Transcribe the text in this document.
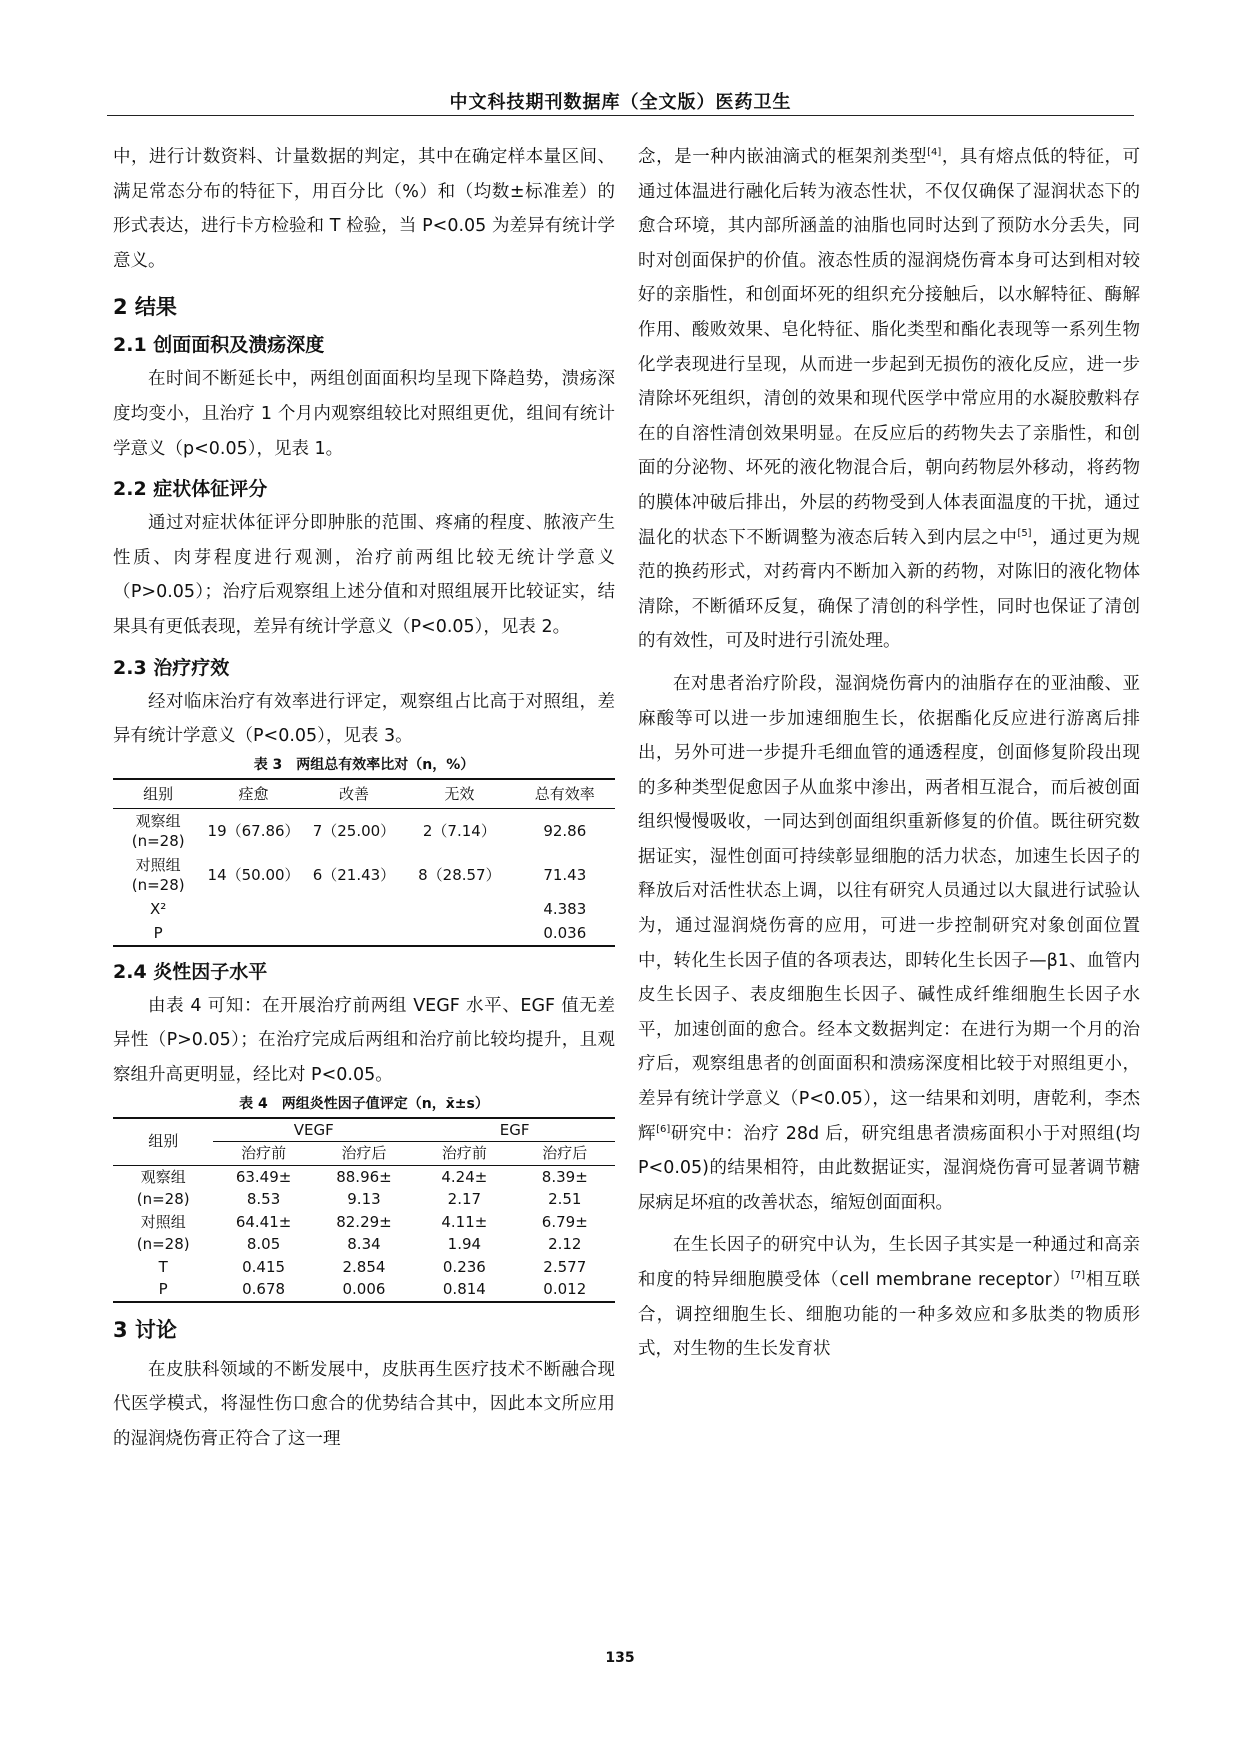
中文科技期刊数据库（全文版）医药卫生

中，进行计数资料、计量数据的判定，其中在确定样本量区间、满足常态分布的特征下，用百分比（%）和（均数±标准差）的形式表达，进行卡方检验和 T 检验，当 P<0.05 为差异有统计学意义。

2 结果
2.1 创面面积及溃疡深度

在时间不断延长中，两组创面面积均呈现下降趋势，溃疡深度均变小，且治疗 1 个月内观察组较比对照组更优，组间有统计学意义（p<0.05），见表 1。

2.2 症状体征评分

通过对症状体征评分即肿胀的范围、疼痛的程度、脓液产生性质、肉芽程度进行观测，治疗前两组比较无统计学意义（P>0.05）；治疗后观察组上述分值和对照组展开比较证实，结果具有更低表现，差异有统计学意义（P<0.05），见表 2。

2.3 治疗疗效

经对临床治疗有效率进行评定，观察组占比高于对照组，差异有统计学意义（P<0.05），见表 3。

表 3　两组总有效率比对（n，%）
组别	痊愈	改善	无效	总有效率
观察组(n=28)	19（67.86）	7（25.00）	2（7.14）	92.86
对照组(n=28)	14（50.00）	6（21.43）	8（28.57）	71.43
X²				4.383
P				0.036
2.4 炎性因子水平

由表 4 可知：在开展治疗前两组 VEGF 水平、EGF 值无差异性（P>0.05）；在治疗完成后两组和治疗前比较均提升，且观察组升高更明显，经比对 P<0.05。

表 4　两组炎性因子值评定（n，x̄±s）
组别	VEGF		EGF	
	治疗前	治疗后	治疗前	治疗后
观察组	63.49±	88.96±	4.24±	8.39±
(n=28)	8.53	9.13	2.17	2.51
对照组	64.41±	82.29±	4.11±	6.79±
(n=28)	8.05	8.34	1.94	2.12
T	0.415	2.854	0.236	2.577
P	0.678	0.006	0.814	0.012
3 讨论

在皮肤科领域的不断发展中，皮肤再生医疗技术不断融合现代医学模式，将湿性伤口愈合的优势结合其中，因此本文所应用的湿润烧伤膏正符合了这一理

念，是一种内嵌油滴式的框架剂类型[4]，具有熔点低的特征，可通过体温进行融化后转为液态性状，不仅仅确保了湿润状态下的愈合环境，其内部所涵盖的油脂也同时达到了预防水分丢失，同时对创面保护的价值。液态性质的湿润烧伤膏本身可达到相对较好的亲脂性，和创面坏死的组织充分接触后，以水解特征、酶解作用、酸败效果、皂化特征、脂化类型和酯化表现等一系列生物化学表现进行呈现，从而进一步起到无损伤的液化反应，进一步清除坏死组织，清创的效果和现代医学中常应用的水凝胶敷料存在的自溶性清创效果明显。在反应后的药物失去了亲脂性，和创面的分泌物、坏死的液化物混合后，朝向药物层外移动，将药物的膜体冲破后排出，外层的药物受到人体表面温度的干扰，通过温化的状态下不断调整为液态后转入到内层之中[5]，通过更为规范的换药形式，对药膏内不断加入新的药物，对陈旧的液化物体清除，不断循环反复，确保了清创的科学性，同时也保证了清创的有效性，可及时进行引流处理。

在对患者治疗阶段，湿润烧伤膏内的油脂存在的亚油酸、亚麻酸等可以进一步加速细胞生长，依据酯化反应进行游离后排出，另外可进一步提升毛细血管的通透程度，创面修复阶段出现的多种类型促愈因子从血浆中渗出，两者相互混合，而后被创面组织慢慢吸收，一同达到创面组织重新修复的价值。既往研究数据证实，湿性创面可持续彰显细胞的活力状态，加速生长因子的释放后对活性状态上调，以往有研究人员通过以大鼠进行试验认为，通过湿润烧伤膏的应用，可进一步控制研究对象创面位置中，转化生长因子值的各项表达，即转化生长因子—β1、血管内皮生长因子、表皮细胞生长因子、碱性成纤维细胞生长因子水平，加速创面的愈合。经本文数据判定：在进行为期一个月的治疗后，观察组患者的创面面积和溃疡深度相比较于对照组更小，差异有统计学意义（P<0.05），这一结果和刘明，唐乾利，李杰辉[6]研究中：治疗 28d 后，研究组患者溃疡面积小于对照组(均 P<0.05)的结果相符，由此数据证实，湿润烧伤膏可显著调节糖尿病足坏疽的改善状态，缩短创面面积。

在生长因子的研究中认为，生长因子其实是一种通过和高亲和度的特异细胞膜受体（cell membrane receptor）[7]相互联合，调控细胞生长、细胞功能的一种多效应和多肽类的物质形式，对生物的生长发育状

135
